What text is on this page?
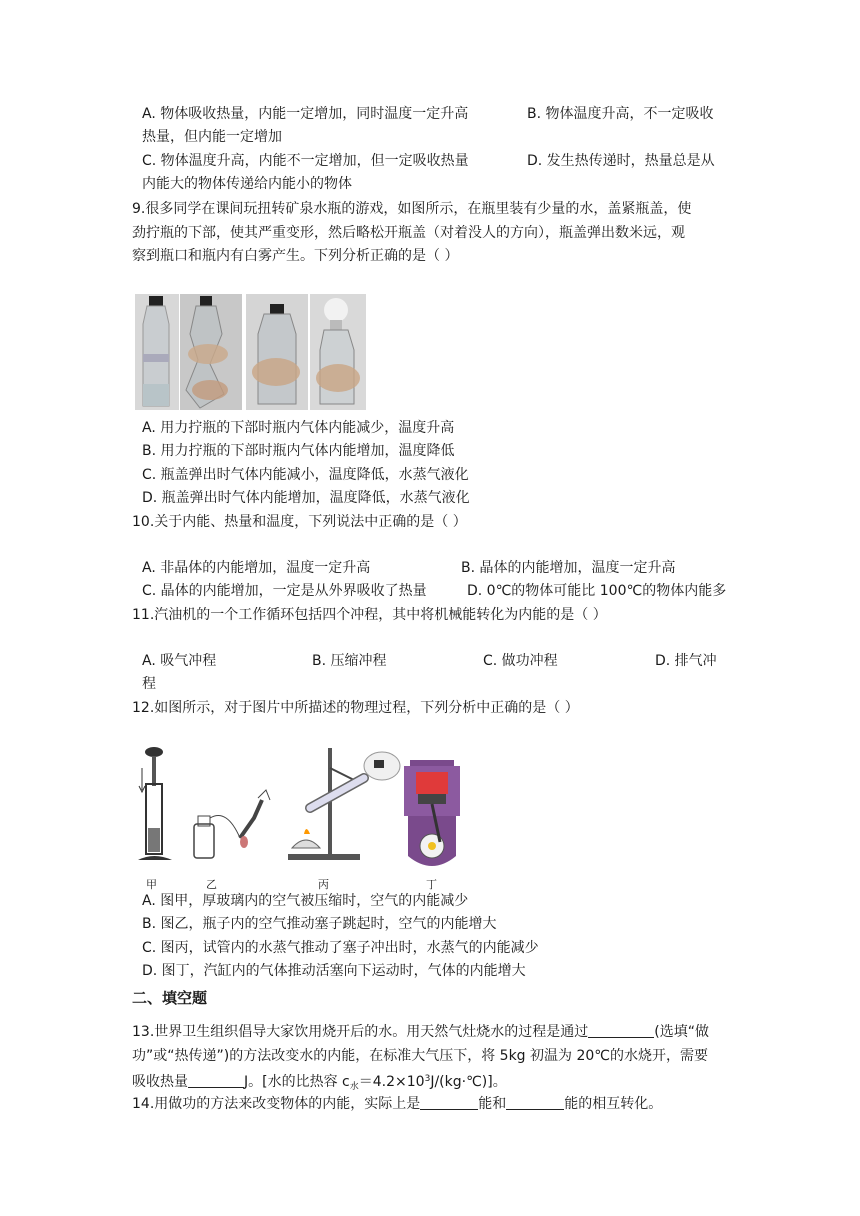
A. 物体吸收热量，内能一定增加，同时温度一定升高	B. 物体温度升高，不一定吸收
热量，但内能一定增加
C. 物体温度升高，内能不一定增加，但一定吸收热量	D. 发生热传递时，热量总是从
内能大的物体传递给内能小的物体
9.很多同学在课间玩扭转矿泉水瓶的游戏，如图所示，在瓶里装有少量的水，盖紧瓶盖，使
劲拧瓶的下部，使其严重变形，然后略松开瓶盖（对着没人的方向），瓶盖弹出数米远，观
察到瓶口和瓶内有白雾产生。下列分析正确的是（ ）
A. 用力拧瓶的下部时瓶内气体内能减少，温度升高
B. 用力拧瓶的下部时瓶内气体内能增加，温度降低
C. 瓶盖弹出时气体内能减小，温度降低，水蒸气液化
D. 瓶盖弹出时气体内能增加，温度降低，水蒸气液化
10.关于内能、热量和温度，下列说法中正确的是（ ）
A. 非晶体的内能增加，温度一定升高	B. 晶体的内能增加，温度一定升高
C. 晶体的内能增加，一定是从外界吸收了热量	D. 0℃的物体可能比 100℃的物体内能多
11.汽油机的一个工作循环包括四个冲程，其中将机械能转化为内能的是（ ）
A. 吸气冲程	B. 压缩冲程	C. 做功冲程	D. 排气冲
程
12.如图所示，对于图片中所描述的物理过程，下列分析中正确的是（ ）
甲	乙	丙	丁
A. 图甲，厚玻璃内的空气被压缩时，空气的内能减少
B. 图乙，瓶子内的空气推动塞子跳起时，空气的内能增大
C. 图丙，试管内的水蒸气推动了塞子冲出时，水蒸气的内能减少
D. 图丁，汽缸内的气体推动活塞向下运动时，气体的内能增大
二、填空题
13.世界卫生组织倡导大家饮用烧开后的水。用天然气灶烧水的过程是通过	(选填“做
功”或“热传递”)的方法改变水的内能，在标准大气压下，将 5kg 初温为 20℃的水烧开，需要
吸收热量	J。[水的比热容 $c_水=4.2\times 10^3J/(kg\cdot℃)$]。
14.用做功的方法来改变物体的内能，实际上是	能和	能的相互转化。
